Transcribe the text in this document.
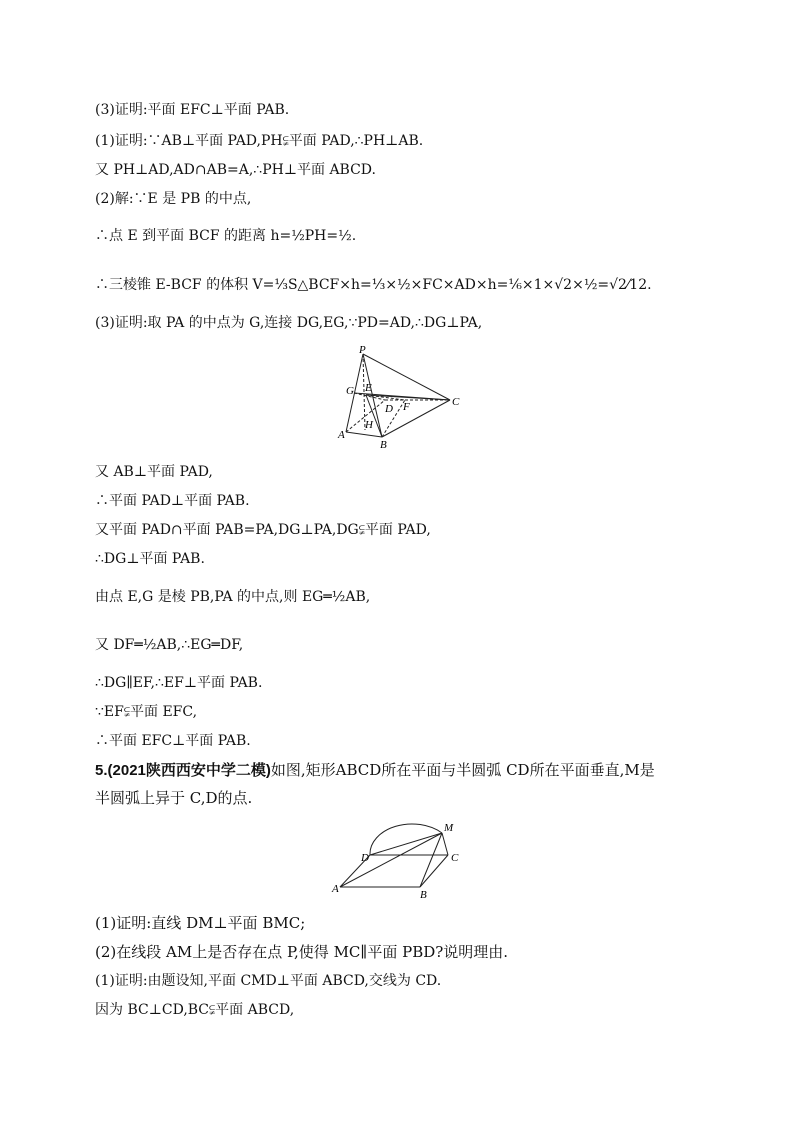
(3)证明:平面 EFC⊥平面 PAB.
(1)证明:∵AB⊥平面 PAD,PH⫋平面 PAD,∴PH⊥AB.
又 PH⊥AD,AD∩AB=A,∴PH⊥平面 ABCD.
(2)解:∵E 是 PB 的中点,
∴点 E 到平面 BCF 的距离 h=½PH=½.
∴三棱锥 E-BCF 的体积 V=⅓S△BCF×h=⅓×½×FC×AD×h=⅙×1×√2×½=√2⁄12.
(3)证明:取 PA 的中点为 G,连接 DG,EG,∵PD=AD,∴DG⊥PA,
P
G E
D F	C
A
H
B
又 AB⊥平面 PAD,
∴平面 PAD⊥平面 PAB.
又平面 PAD∩平面 PAB=PA,DG⊥PA,DG⫋平面 PAD,
∴DG⊥平面 PAB.
由点 E,G 是棱 PB,PA 的中点,则 EG═½AB,
又 DF═½AB,∴EG═DF,
∴DG∥EF,∴EF⊥平面 PAB.
∵EF⫋平面 EFC,
∴平面 EFC⊥平面 PAB.
5.(2021陕西西安中学二模)如图,矩形ABCD所在平面与半圆弧 CD所在平面垂直,M是
半圆弧上异于 C,D的点.
M
D	C
A	B
(1)证明:直线 DM⊥平面 BMC;
(2)在线段 AM上是否存在点 P,使得 MC∥平面 PBD?说明理由.
(1)证明:由题设知,平面 CMD⊥平面 ABCD,交线为 CD.
因为 BC⊥CD,BC⫋平面 ABCD,
